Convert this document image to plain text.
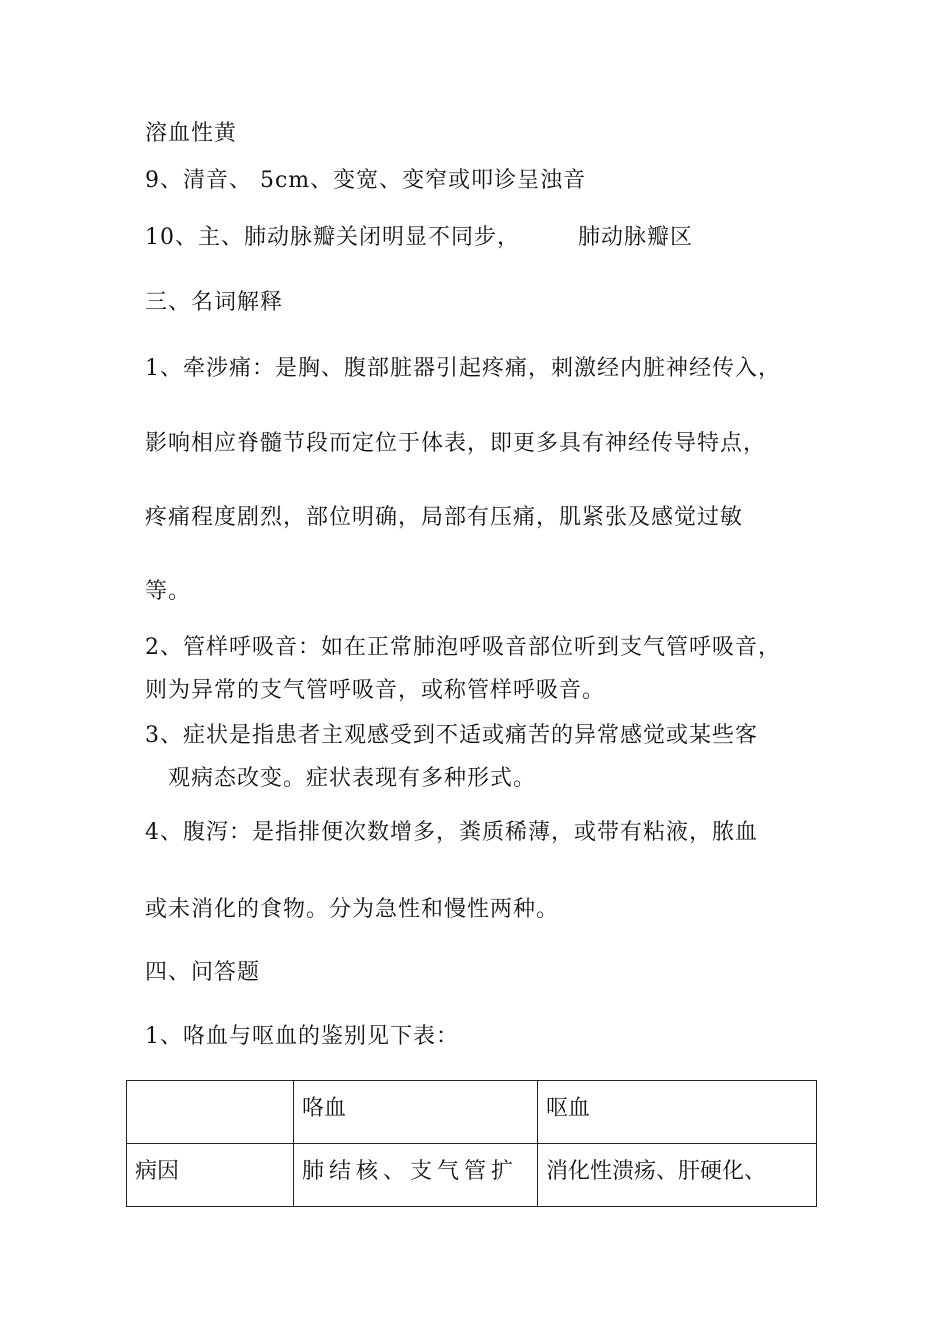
溶血性黄
9、清音、 5cm、变宽、变窄或叩诊呈浊音
10、主、肺动脉瓣关闭明显不同步，	肺动脉瓣区
三、名词解释
1、牵涉痛：是胸、腹部脏器引起疼痛，刺激经内脏神经传入，
影响相应脊髓节段而定位于体表，即更多具有神经传导特点，
疼痛程度剧烈，部位明确，局部有压痛，肌紧张及感觉过敏
等。
2、管样呼吸音：如在正常肺泡呼吸音部位听到支气管呼吸音，
则为异常的支气管呼吸音，或称管样呼吸音。
3、症状是指患者主观感受到不适或痛苦的异常感觉或某些客
观病态改变。症状表现有多种形式。
4、腹泻：是指排便次数增多，粪质稀薄，或带有粘液，脓血
或未消化的食物。分为急性和慢性两种。
四、问答题
1、咯血与呕血的鉴别见下表：
	咯血	呕血
病因	肺结核、支气管扩	消化性溃疡、肝硬化、
